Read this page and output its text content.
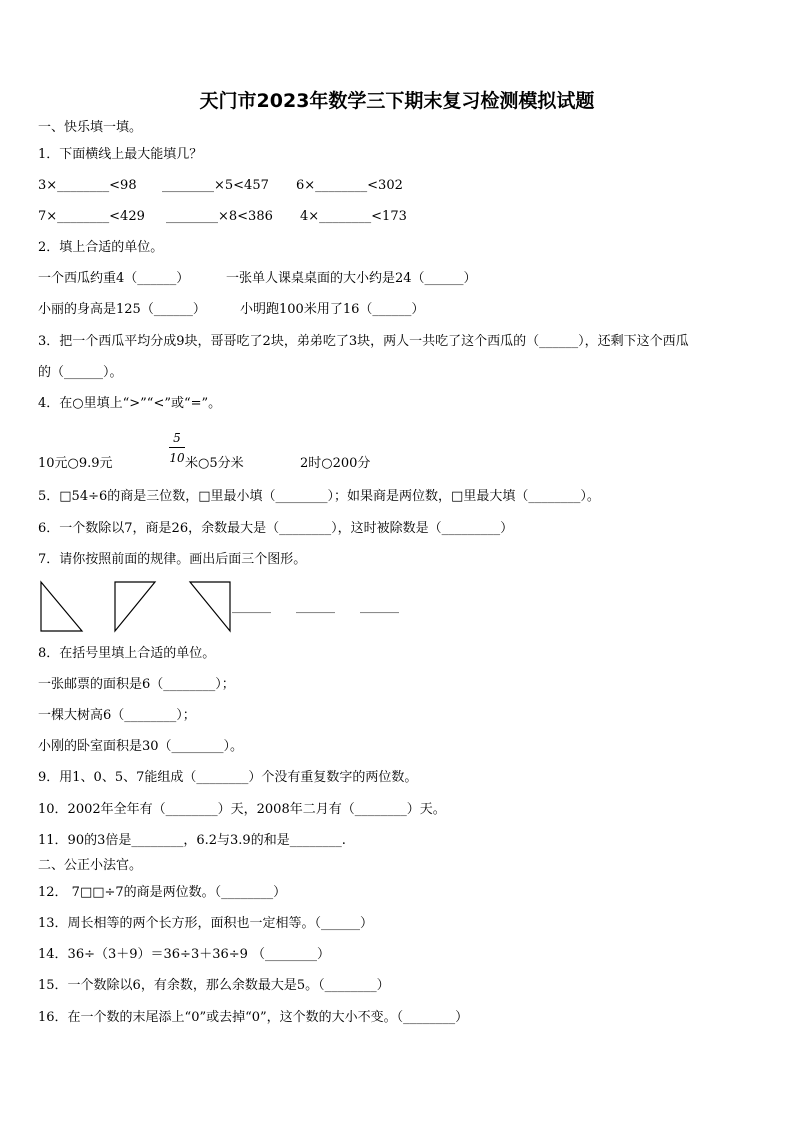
天门市2023年数学三下期末复习检测模拟试题
一、快乐填一填。
1．下面横线上最大能填几？
3×________<98 ________×5<457 6×________<302
7×________<429 ________×8<386 4×________<173
2．填上合适的单位。
一个西瓜约重4（______）	一张单人课桌桌面的大小约是24（______）
小丽的身高是125（______）	小明跑100米用了16（______）
3．把一个西瓜平均分成9块，哥哥吃了2块，弟弟吃了3块，两人一共吃了这个西瓜的（______），还剩下这个西瓜
的（______）。
4．在○里填上“>”“<”或“=”。
10元○9.9元
5
10 米○5分米	2时○200分
5．□54÷6的商是三位数，□里最小填（________）；如果商是两位数，□里最大填（________）。
6．一个数除以7，商是26，余数最大是（________），这时被除数是（_________）
7．请你按照前面的规律。画出后面三个图形。
______ ______ ______
8．在括号里填上合适的单位。
一张邮票的面积是6（________）；
一棵大树高6（________）；
小刚的卧室面积是30（________）。
9．用1、0、5、7能组成（________）个没有重复数字的两位数。
10．2002年全年有（________）天，2008年二月有（________）天。
11．90的3倍是________，6.2与3.9的和是________.
二、公正小法官。
12． 7□□÷7的商是两位数。（________）
13．周长相等的两个长方形，面积也一定相等。（______）
14．36÷（3＋9）＝36÷3＋36÷9 （________）
15．一个数除以6，有余数，那么余数最大是5。（________）
16．在一个数的末尾添上“0”或去掉“0”，这个数的大小不变。（________）
